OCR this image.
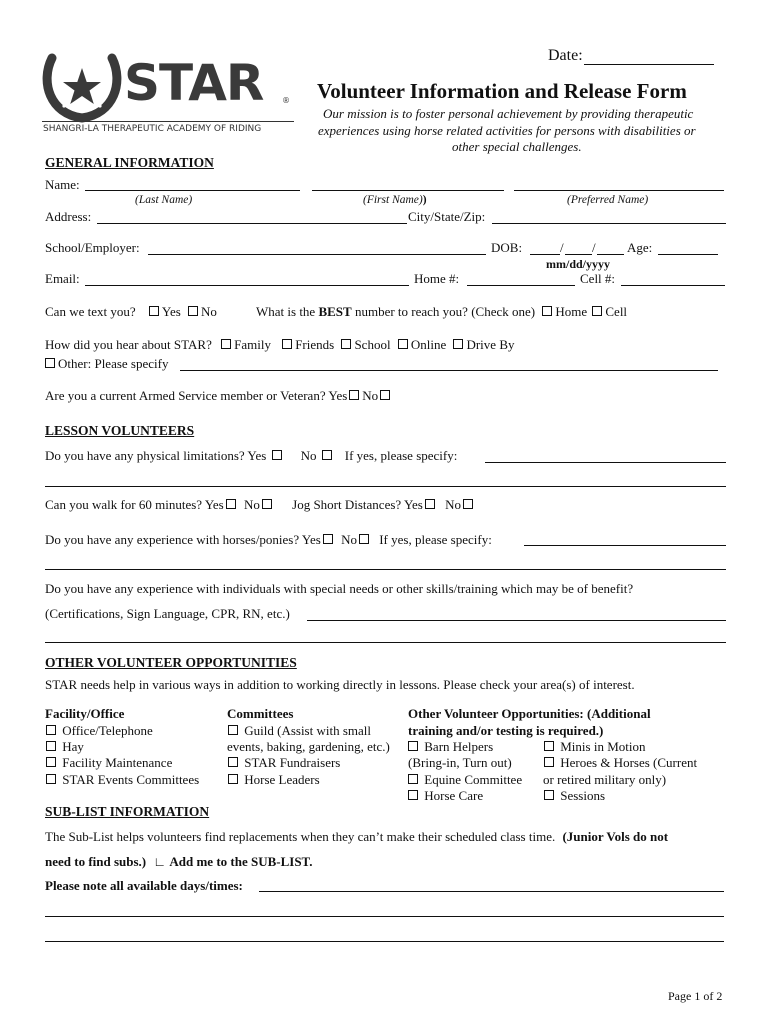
Date:
STAR ®
SHANGRI-LA THERAPEUTIC ACADEMY OF RIDING
Volunteer Information and Release Form
Our mission is to foster personal achievement by providing therapeutic
experiences using horse related activities for persons with disabilities or
other special challenges.
GENERAL INFORMATION
Name:
(Last Name)	(First Name))	(Preferred Name)
Address:	City/State/Zip:
School/Employer:	DOB:	/ / Age:
mm/dd/yyyy
Email:	Home #:	Cell #:
Can we text you? Yes No	What is the BEST number to reach you? (Check one) Home Cell
How did you hear about STAR? Family Friends School Online Drive By
Other: Please specify
Are you a current Armed Service member or Veteran? Yes No
LESSON VOLUNTEERS
Do you have any physical limitations? Yes	No If yes, please specify:
Can you walk for 60 minutes? Yes No Jog Short Distances? Yes No
Do you have any experience with horses/ponies? Yes No If yes, please specify:
Do you have any experience with individuals with special needs or other skills/training which may be of benefit?
(Certifications, Sign Language, CPR, RN, etc.)
OTHER VOLUNTEER OPPORTUNITIES
STAR needs help in various ways in addition to working directly in lessons. Please check your area(s) of interest.
Facility/Office
Office/Telephone
Hay
Facility Maintenance
STAR Events Committees
Committees
Guild (Assist with small
events, baking, gardening, etc.)
STAR Fundraisers
Horse Leaders
Other Volunteer Opportunities: (Additional
training and/or testing is required.)
Barn Helpers
(Bring-in, Turn out)
Equine Committee
Horse Care
Minis in Motion
Heroes & Horses (Current
or retired military only)
Sessions
SUB-LIST INFORMATION
The Sub-List helps volunteers find replacements when they can’t make their scheduled class time. (Junior Vols do not
need to find subs.) ∟ Add me to the SUB-LIST.
Please note all available days/times:
Page 1 of 2
